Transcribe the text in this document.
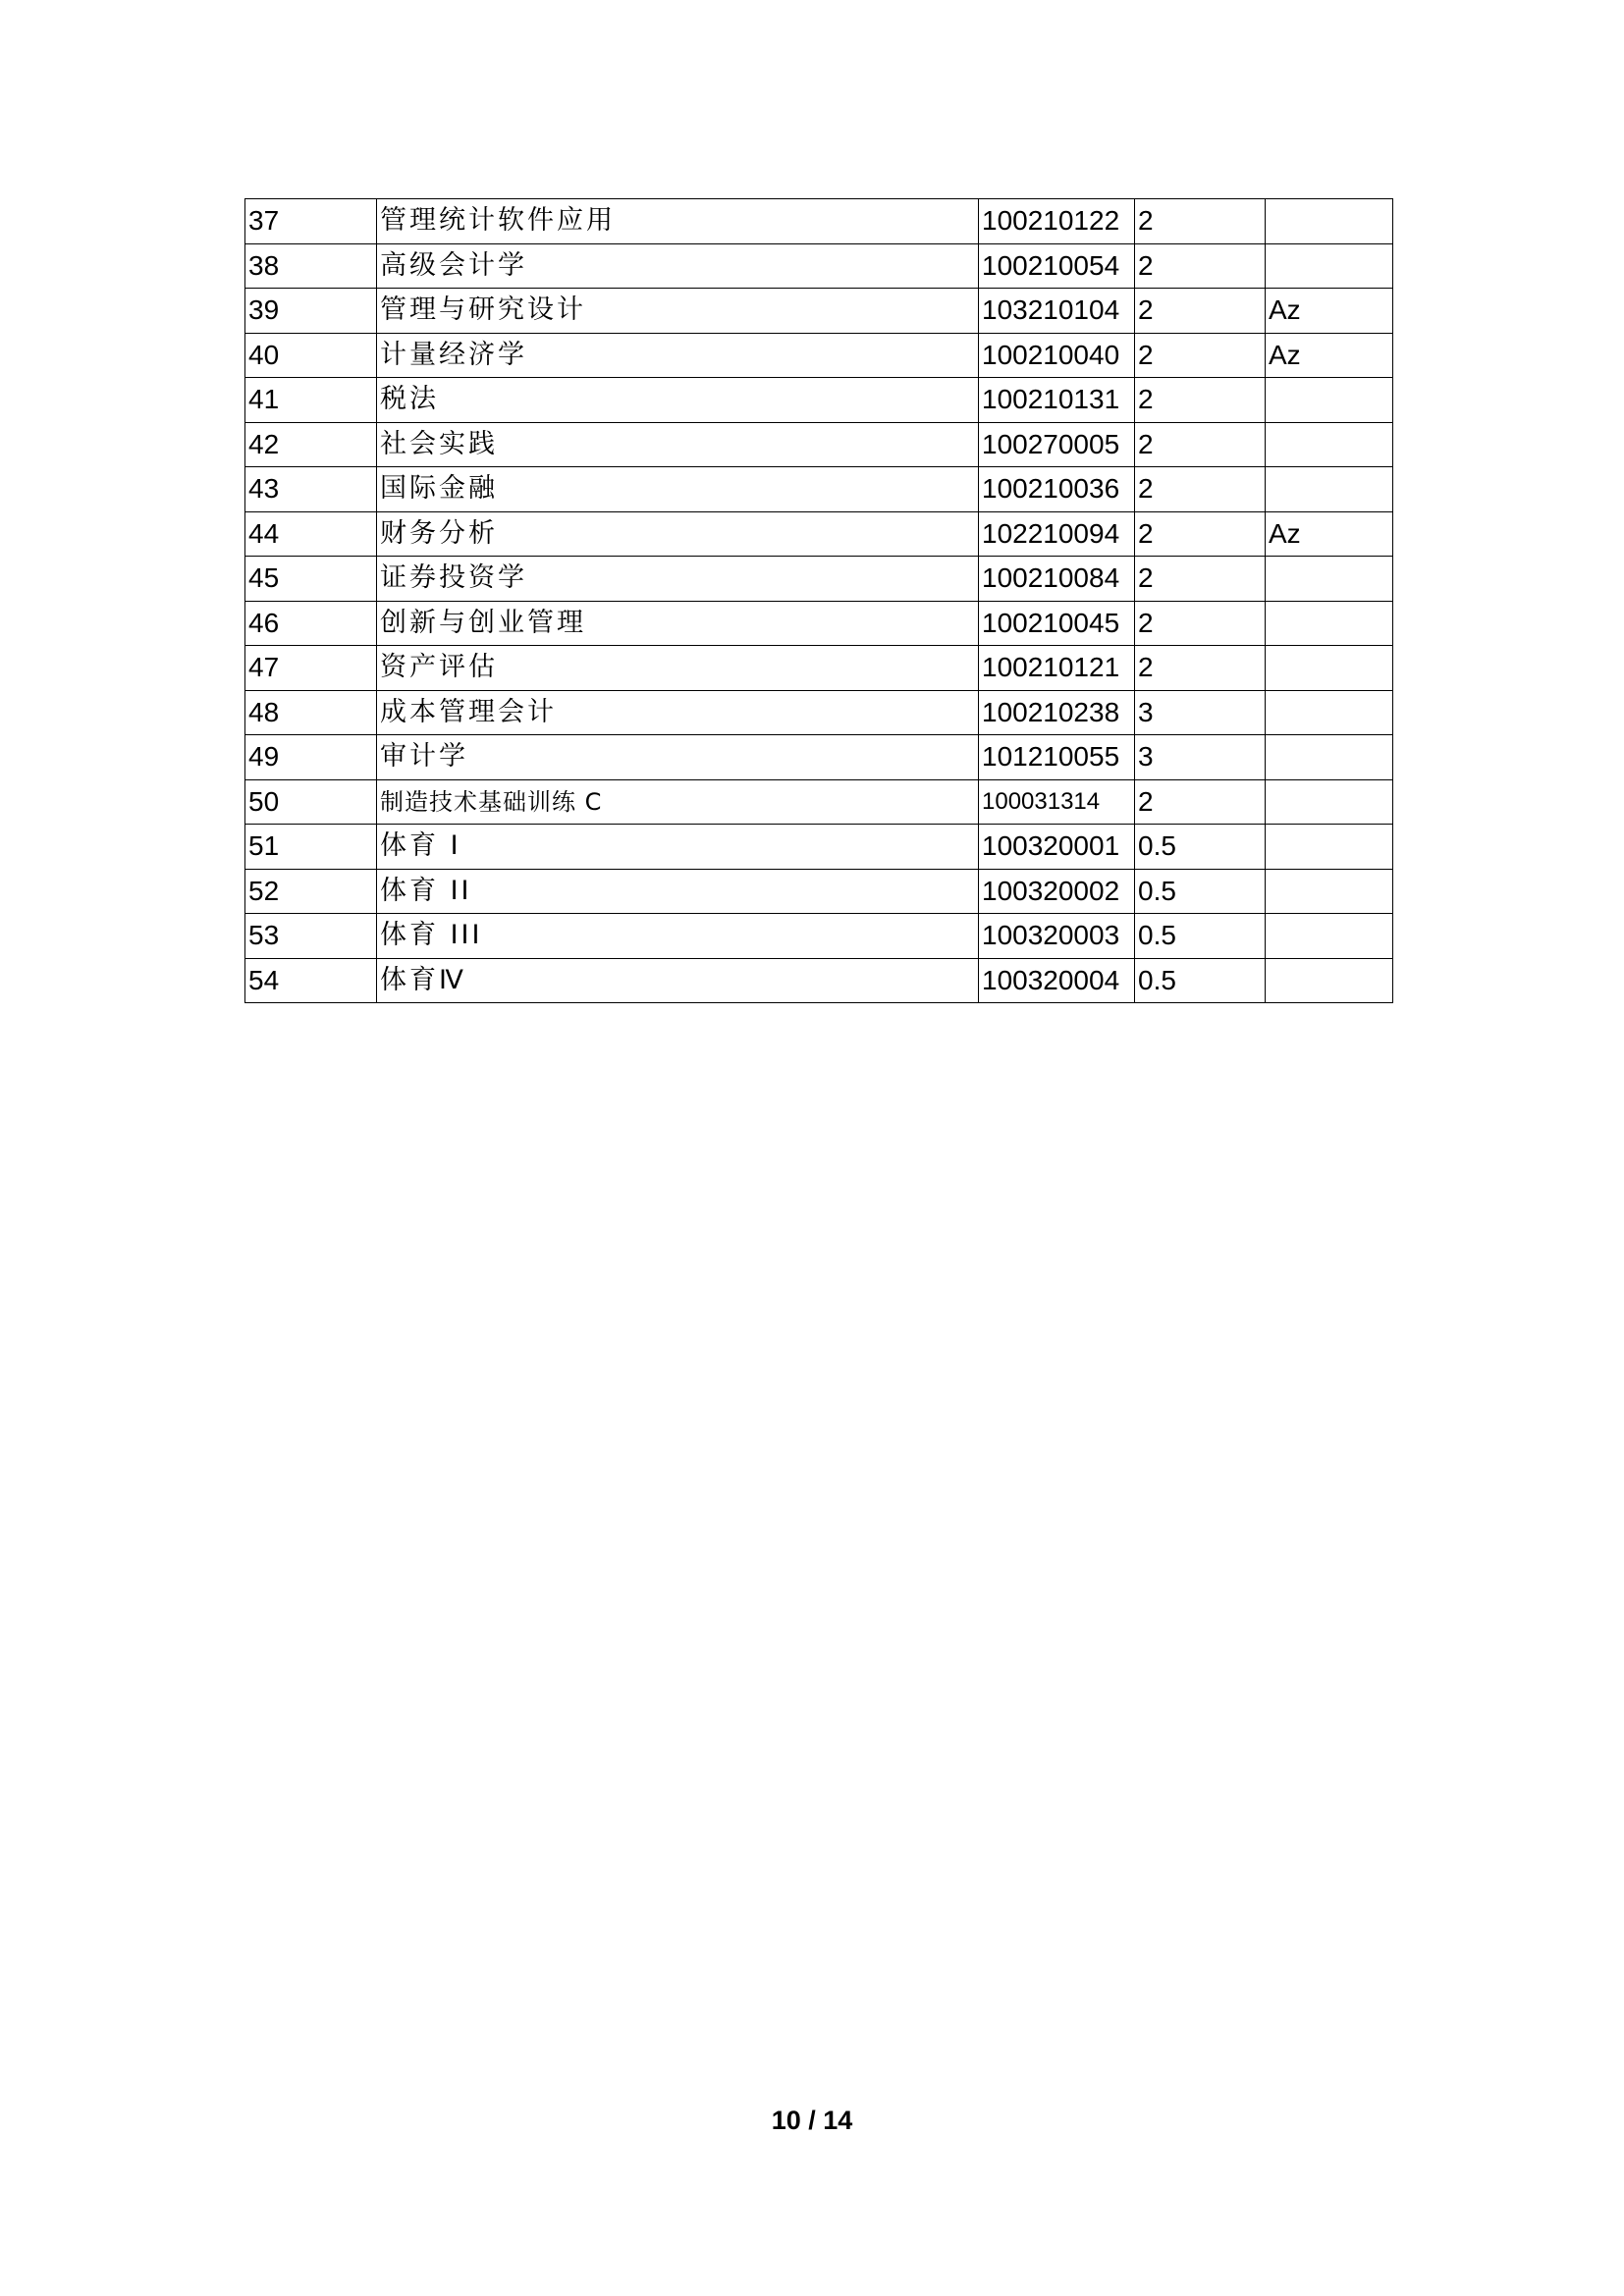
37	管理统计软件应用	100210122	2	
38	高级会计学	100210054	2	
39	管理与研究设计	103210104	2	Az
40	计量经济学	100210040	2	Az
41	税法	100210131	2	
42	社会实践	100270005	2	
43	国际金融	100210036	2	
44	财务分析	102210094	2	Az
45	证券投资学	100210084	2	
46	创新与创业管理	100210045	2	
47	资产评估	100210121	2	
48	成本管理会计	100210238	3	
49	审计学	101210055	3	
50	制造技术基础训练 C	100031314	2	
51	体育 I	100320001	0.5	
52	体育 II	100320002	0.5	
53	体育 III	100320003	0.5	
54	体育Ⅳ	100320004	0.5	
10 / 14
